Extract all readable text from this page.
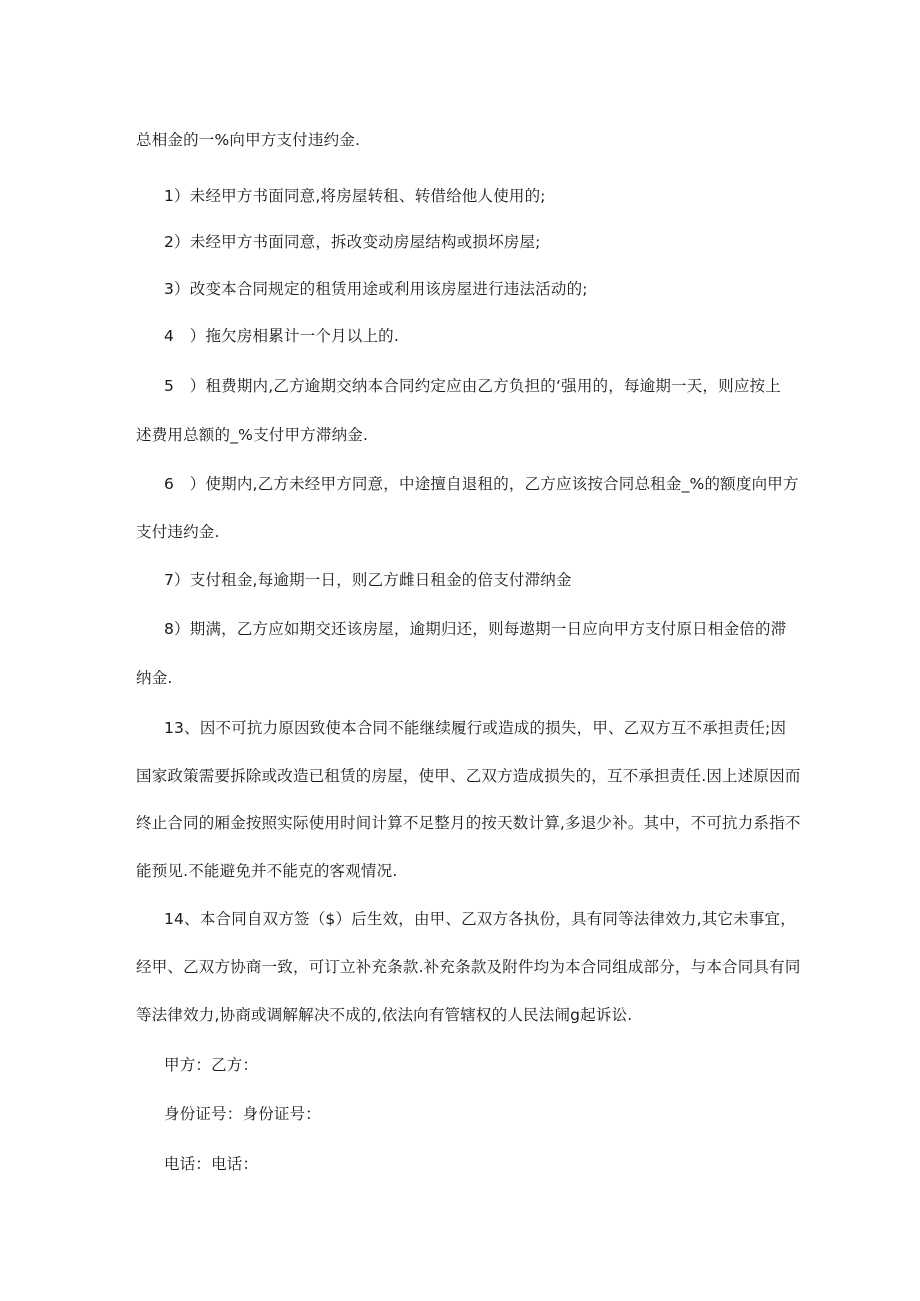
总相金的一%向甲方支付违约金.
1）未经甲方书面同意,将房屋转租、转借给他人使用的;
2）未经甲方书面同意，拆改变动房屋结构或损坏房屋;
3）改变本合同规定的租赁用途或利用该房屋进行违法活动的;
4　）拖欠房相累计一个月以上的.
5　）租费期内,乙方逾期交纳本合同约定应由乙方负担的‘强用的，每逾期一天，则应按上
述费用总额的_%支付甲方滞纳金.
6　）使期内,乙方未经甲方同意，中途擅自退租的，乙方应该按合同总租金_%的额度向甲方
支付违约金.
7）支付租金,每逾期一日，则乙方雌日租金的倍支付滞纳金
8）期满，乙方应如期交还该房屋，逾期归还，则每遨期一日应向甲方支付原日相金倍的滞
纳金.
13、因不可抗力原因致使本合同不能继续履行或造成的损失，甲、乙双方互不承担责任;因
国家政策需要拆除或改造已租赁的房屋，使甲、乙双方造成损失的，互不承担责任.因上述原因而
终止合同的厢金按照实际使用时间计算不足整月的按天数计算,多退少补。其中，不可抗力系指不
能预见.不能避免并不能克的客观情况.
14、本合同自双方签（$）后生效，由甲、乙双方各执份，具有同等法律效力,其它未事宜，
经甲、乙双方协商一致，可订立补充条款.补充条款及附件均为本合同组成部分，与本合同具有同
等法律效力,协商或调解解决不成的,依法向有管辖权的人民法闹g起诉讼.
甲方：乙方：
身份证号：身份证号：
电话：电话：
